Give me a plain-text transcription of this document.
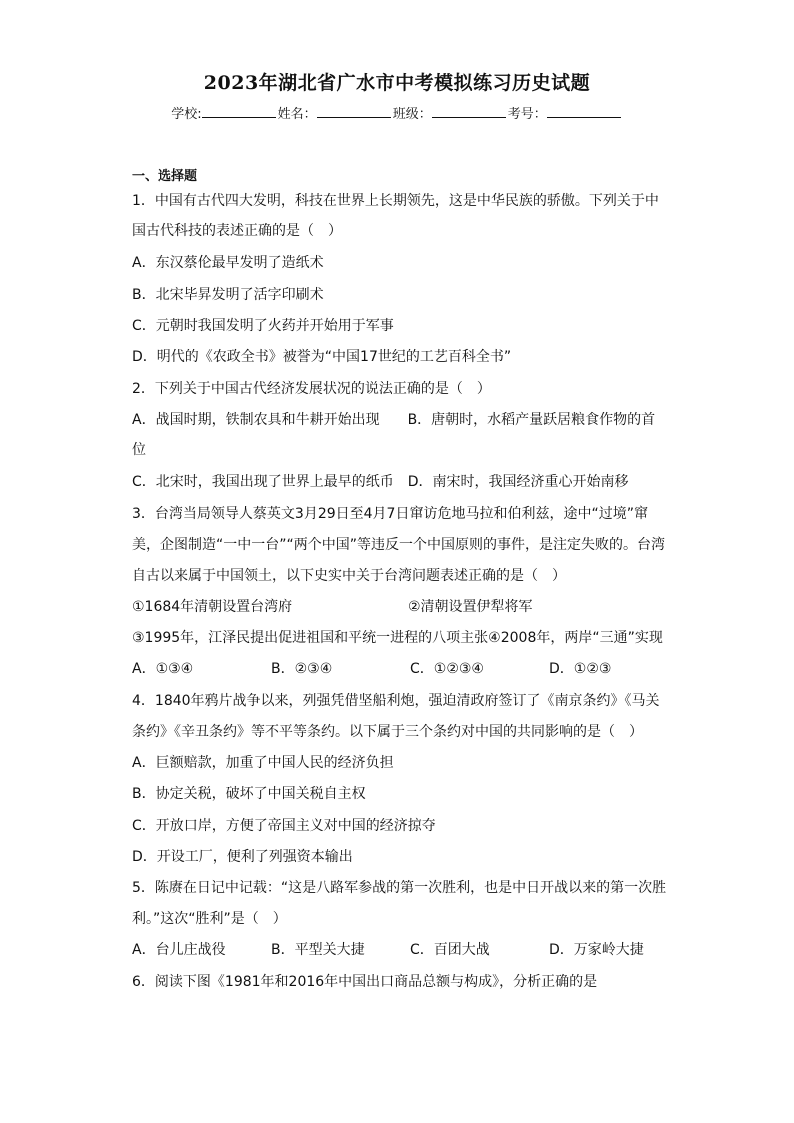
2023年湖北省广水市中考模拟练习历史试题
学校:	姓名：	班级：	考号：
一、选择题
1．中国有古代四大发明，科技在世界上长期领先，这是中华民族的骄傲。下列关于中
国古代科技的表述正确的是（　）
A．东汉蔡伦最早发明了造纸术
B．北宋毕昇发明了活字印刷术
C．元朝时我国发明了火药并开始用于军事
D．明代的《农政全书》被誉为“中国17世纪的工艺百科全书”
2．下列关于中国古代经济发展状况的说法正确的是（　）
A．战国时期，铁制农具和牛耕开始出现　　B．唐朝时，水稻产量跃居粮食作物的首
位
C．北宋时，我国出现了世界上最早的纸币　D．南宋时，我国经济重心开始南移
3．台湾当局领导人蔡英文3月29日至4月7日窜访危地马拉和伯利兹，途中“过境”窜
美，企图制造“一中一台”“两个中国”等违反一个中国原则的事件，是注定失败的。台湾
自古以来属于中国领土，以下史实中关于台湾问题表述正确的是（　）
①1684年清朝设置台湾府	②清朝设置伊犁将军
③1995年，江泽民提出促进祖国和平统一进程的八项主张④2008年，两岸“三通”实现
A．①③④	B．②③④	C．①②③④	D．①②③
4．1840年鸦片战争以来，列强凭借坚船利炮，强迫清政府签订了《南京条约》《马关
条约》《辛丑条约》等不平等条约。以下属于三个条约对中国的共同影响的是（　）
A．巨额赔款，加重了中国人民的经济负担
B．协定关税，破坏了中国关税自主权
C．开放口岸，方便了帝国主义对中国的经济掠夺
D．开设工厂，便利了列强资本输出
5．陈赓在日记中记载：“这是八路军参战的第一次胜利，也是中日开战以来的第一次胜
利。”这次“胜利”是（　）
A．台儿庄战役	B．平型关大捷	C．百团大战	D．万家岭大捷
6．阅读下图《1981年和2016年中国出口商品总额与构成》，分析正确的是
